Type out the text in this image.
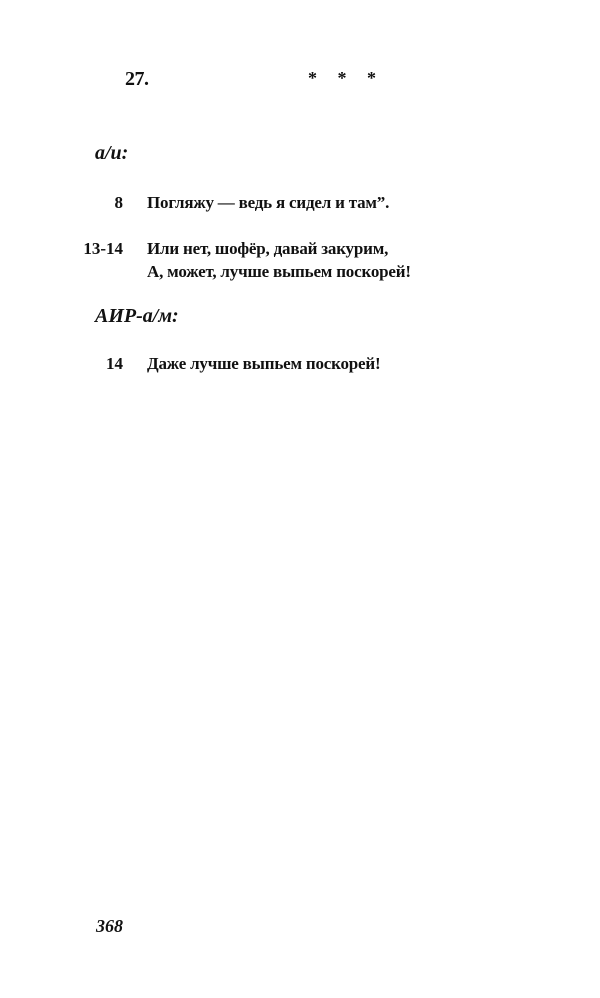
27.	* * *
а/и:
8 Погляжу — ведь я сидел и там”.
13-14 Или нет, шофёр, давай закурим,
А, может, лучше выпьем поскорей!
АИР-а/м:
14 Даже лучше выпьем поскорей!
368
